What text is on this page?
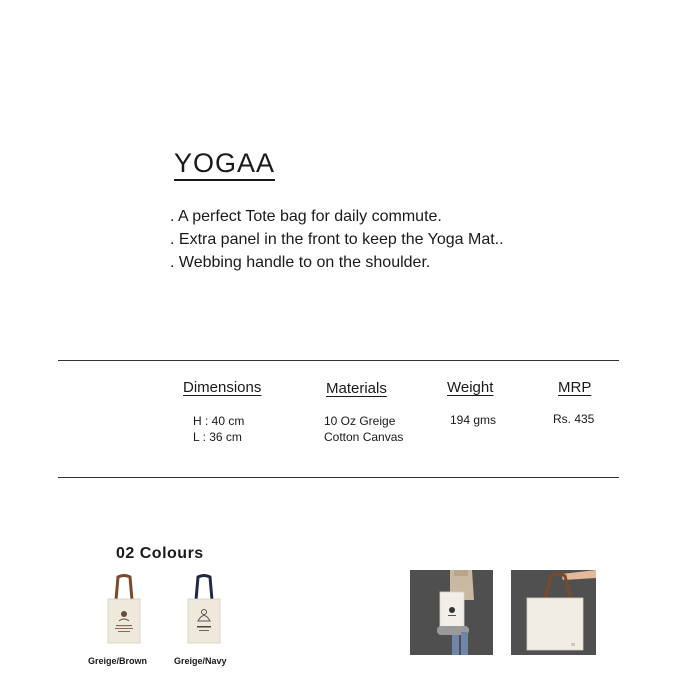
YOGAA
. A perfect Tote bag for daily commute.
. Extra panel in the front to keep the Yoga Mat..
. Webbing handle to on the shoulder.
Dimensions
H : 40 cm
L : 36 cm
Materials
10 Oz Greige
Cotton Canvas
Weight
194 gms
MRP
Rs. 435
02 Colours
Greige/Brown	Greige/Navy
